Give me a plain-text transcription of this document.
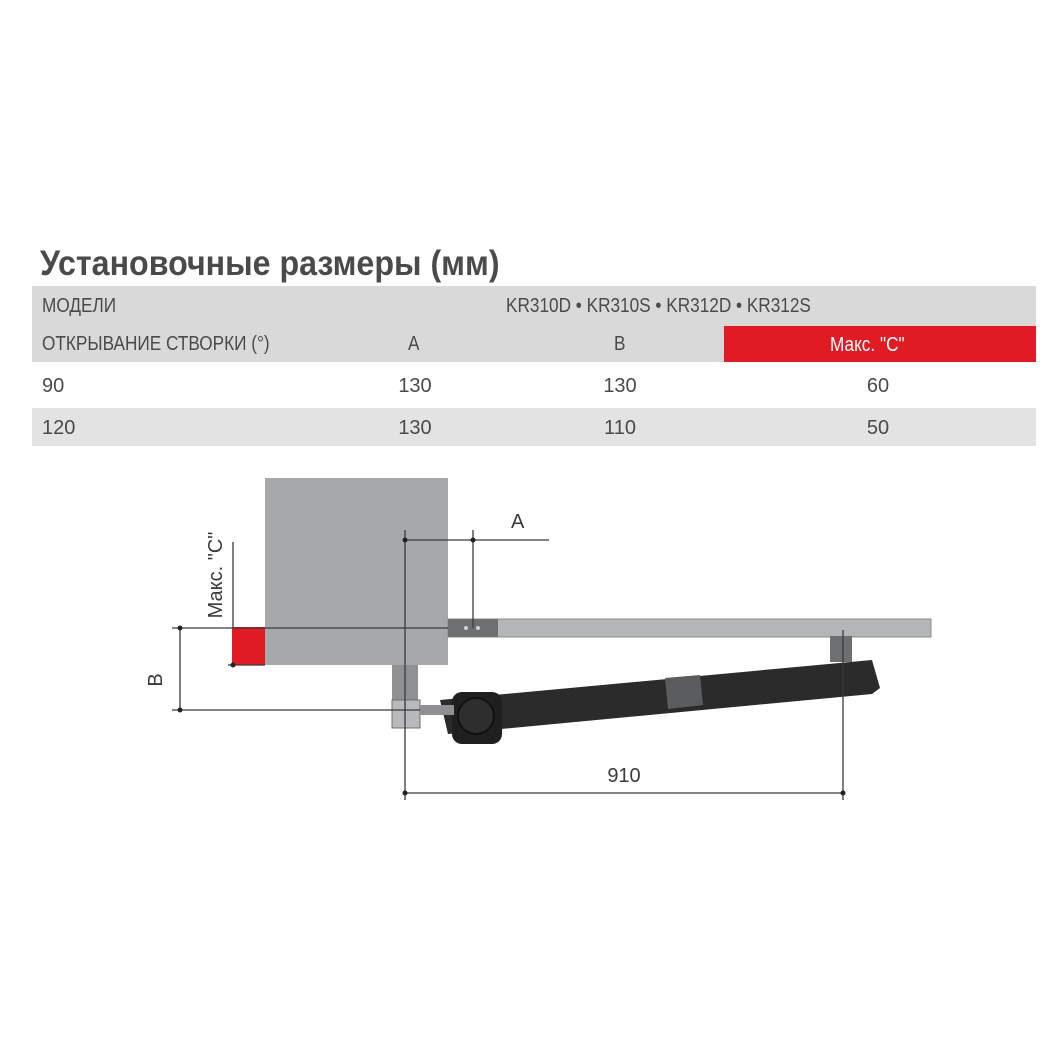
Установочные размеры (мм)
МОДЕЛИ	KR310D • KR310S • KR312D • KR312S
ОТКРЫВАНИЕ СТВОРКИ (°)	A	B	Макс. "C"
90	130	130	60
120	130	110	50
A
B
Макс. "C"
910
